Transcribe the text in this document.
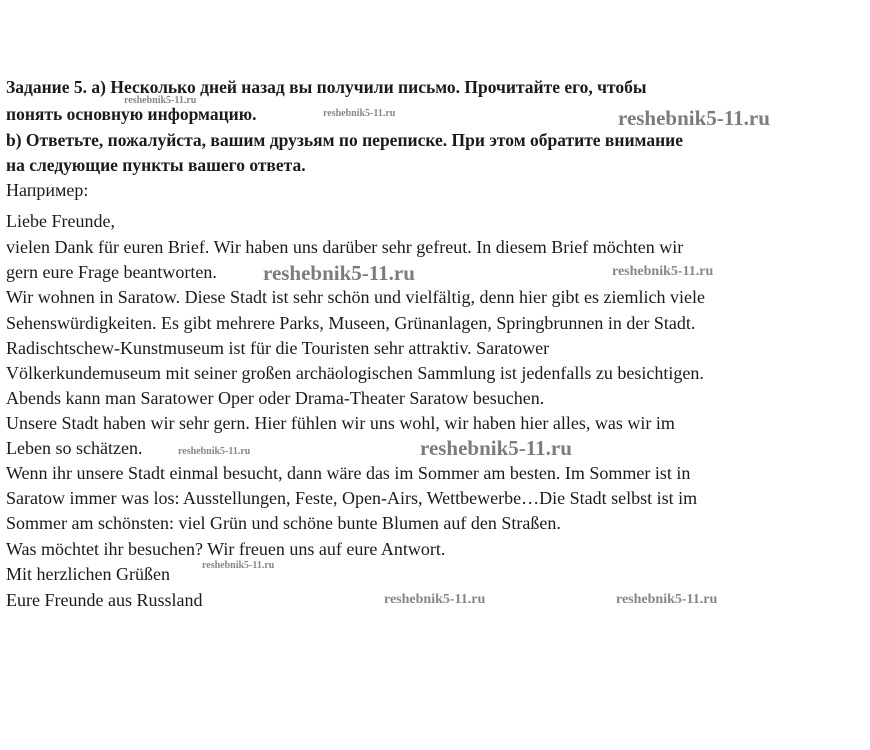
Задание 5. а) Несколько дней назад вы получили письмо. Прочитайте его, чтобы
понять основную информацию.
b) Ответьте, пожалуйста, вашим друзьям по переписке. При этом обратите внимание
на следующие пункты вашего ответа.
Например:
Liebe Freunde,
vielen Dank für euren Brief. Wir haben uns darüber sehr gefreut. In diesem Brief möchten wir
gern eure Frage beantworten.
Wir wohnen in Saratow. Diese Stadt ist sehr schön und vielfältig, denn hier gibt es ziemlich viele
Sehenswürdigkeiten. Es gibt mehrere Parks, Museen, Grünanlagen, Springbrunnen in der Stadt.
Radischtschew-Kunstmuseum ist für die Touristen sehr attraktiv. Saratower
Völkerkundemuseum mit seiner großen archäologischen Sammlung ist jedenfalls zu besichtigen.
Abends kann man Saratower Oper oder Drama-Theater Saratow besuchen.
Unsere Stadt haben wir sehr gern. Hier fühlen wir uns wohl, wir haben hier alles, was wir im
Leben so schätzen.
Wenn ihr unsere Stadt einmal besucht, dann wäre das im Sommer am besten. Im Sommer ist in
Saratow immer was los: Ausstellungen, Feste, Open-Airs, Wettbewerbe…Die Stadt selbst ist im
Sommer am schönsten: viel Grün und schöne bunte Blumen auf den Straßen.
Was möchtet ihr besuchen? Wir freuen uns auf eure Antwort.
Mit herzlichen Grüßen
Eure Freunde aus Russland
reshebnik5-11.ru
reshebnik5-11.ru	reshebnik5-11.ru
reshebnik5-11.ru	reshebnik5-11.ru
reshebnik5-11.ru	reshebnik5-11.ru
reshebnik5-11.ru
reshebnik5-11.ru	reshebnik5-11.ru
